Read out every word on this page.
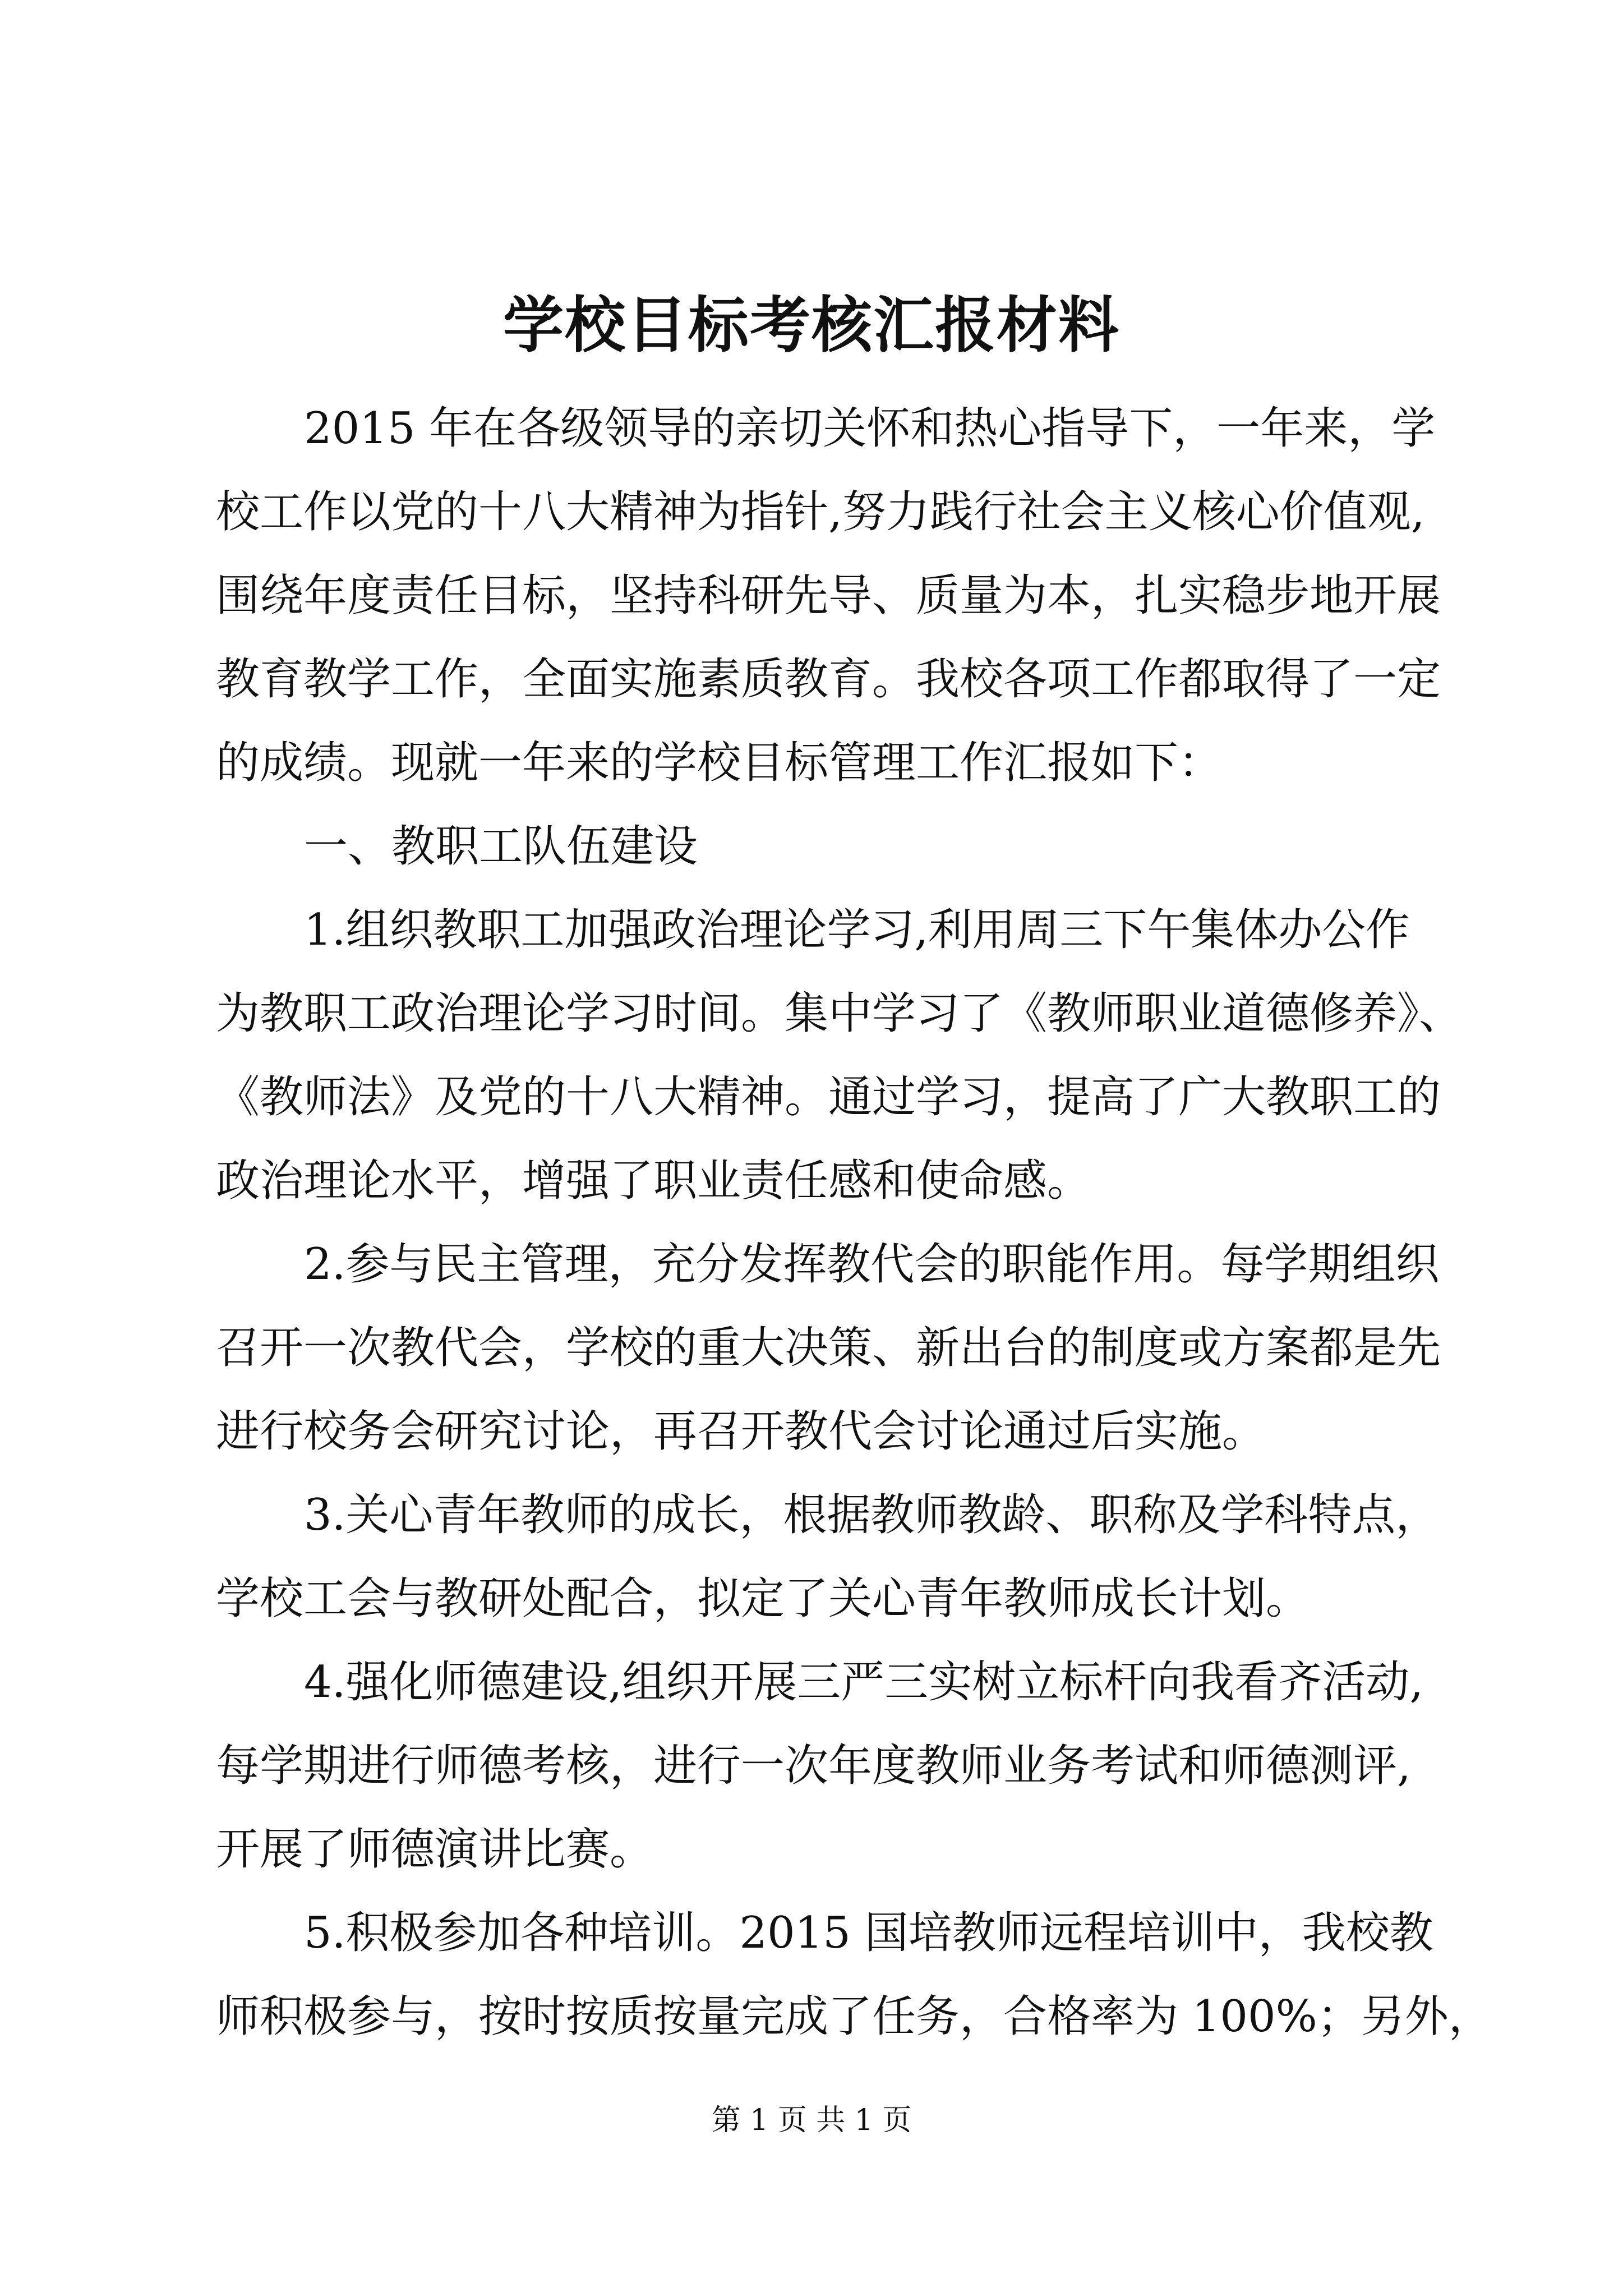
学校目标考核汇报材料
2015 年在各级领导的亲切关怀和热心指导下，一年来，学
校工作以党的十八大精神为指针,努力践行社会主义核心价值观,
围绕年度责任目标，坚持科研先导、质量为本，扎实稳步地开展
教育教学工作，全面实施素质教育。我校各项工作都取得了一定
的成绩。现就一年来的学校目标管理工作汇报如下：
一、教职工队伍建设
1.组织教职工加强政治理论学习,利用周三下午集体办公作
为教职工政治理论学习时间。集中学习了《教师职业道德修养》、
《教师法》及党的十八大精神。通过学习，提高了广大教职工的
政治理论水平，增强了职业责任感和使命感。
2.参与民主管理，充分发挥教代会的职能作用。每学期组织
召开一次教代会，学校的重大决策、新出台的制度或方案都是先
进行校务会研究讨论，再召开教代会讨论通过后实施。
3.关心青年教师的成长，根据教师教龄、职称及学科特点，
学校工会与教研处配合，拟定了关心青年教师成长计划。
4.强化师德建设,组织开展三严三实树立标杆向我看齐活动,
每学期进行师德考核，进行一次年度教师业务考试和师德测评,
开展了师德演讲比赛。
5.积极参加各种培训。2015 国培教师远程培训中，我校教
师积极参与，按时按质按量完成了任务，合格率为 100%；另外，
第 1 页 共 1 页
